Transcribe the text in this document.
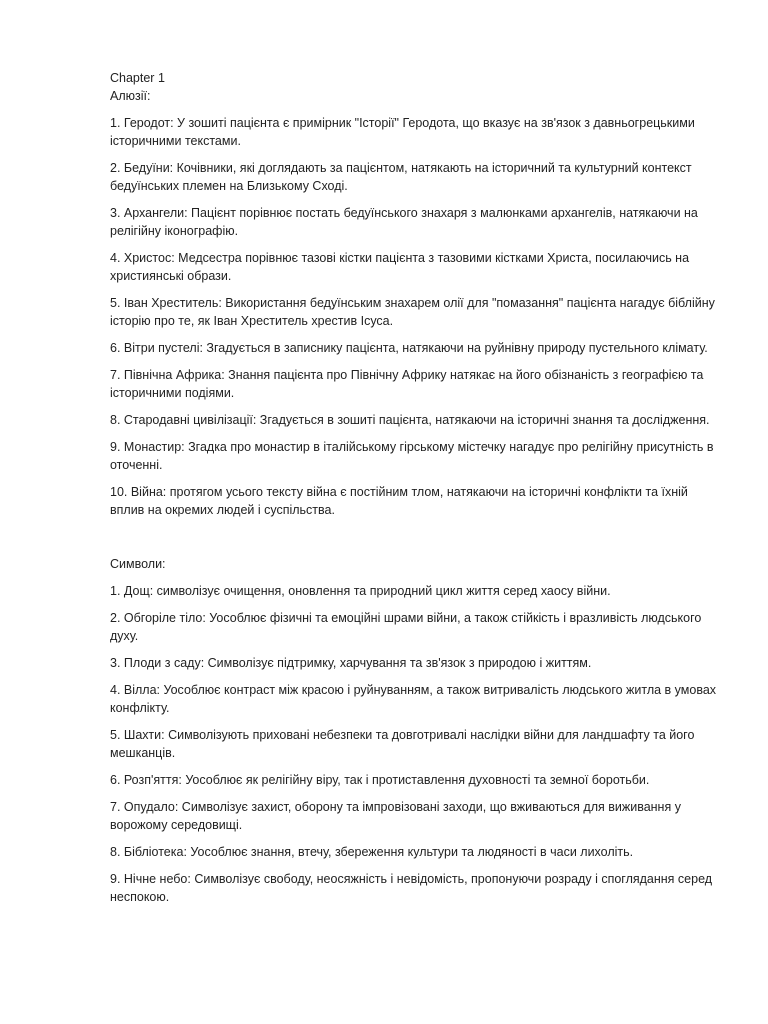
Chapter 1

Алюзії:

1. Геродот: У зошиті пацієнта є примірник "Історії" Геродота, що вказує на зв'язок з давньогрецькими історичними текстами.

2. Бедуїни: Кочівники, які доглядають за пацієнтом, натякають на історичний та культурний контекст бедуїнських племен на Близькому Сході.

3. Архангели: Пацієнт порівнює постать бедуїнського знахаря з малюнками архангелів, натякаючи на релігійну іконографію.

4. Христос: Медсестра порівнює тазові кістки пацієнта з тазовими кістками Христа, посилаючись на християнські образи.

5. Іван Хреститель: Використання бедуїнським знахарем олії для "помазання" пацієнта нагадує біблійну історію про те, як Іван Хреститель хрестив Ісуса.

6. Вітри пустелі: Згадується в записнику пацієнта, натякаючи на руйнівну природу пустельного клімату.

7. Північна Африка: Знання пацієнта про Північну Африку натякає на його обізнаність з географією та історичними подіями.

8. Стародавні цивілізації: Згадується в зошиті пацієнта, натякаючи на історичні знання та дослідження.

9. Монастир: Згадка про монастир в італійському гірському містечку нагадує про релігійну присутність в оточенні.

10. Війна: протягом усього тексту війна є постійним тлом, натякаючи на історичні конфлікти та їхній вплив на окремих людей і суспільства.

Символи:

1. Дощ: символізує очищення, оновлення та природний цикл життя серед хаосу війни.

2. Обгоріле тіло: Уособлює фізичні та емоційні шрами війни, а також стійкість і вразливість людського духу.

3. Плоди з саду: Символізує підтримку, харчування та зв'язок з природою і життям.

4. Вілла: Уособлює контраст між красою і руйнуванням, а також витривалість людського житла в умовах конфлікту.

5. Шахти: Символізують приховані небезпеки та довготривалі наслідки війни для ландшафту та його мешканців.

6. Розп'яття: Уособлює як релігійну віру, так і протиставлення духовності та земної боротьби.

7. Опудало: Символізує захист, оборону та імпровізовані заходи, що вживаються для виживання у ворожому середовищі.

8. Бібліотека: Уособлює знання, втечу, збереження культури та людяності в часи лихоліть.

9. Нічне небо: Символізує свободу, неосяжність і невідомість, пропонуючи розраду і споглядання серед неспокою.
